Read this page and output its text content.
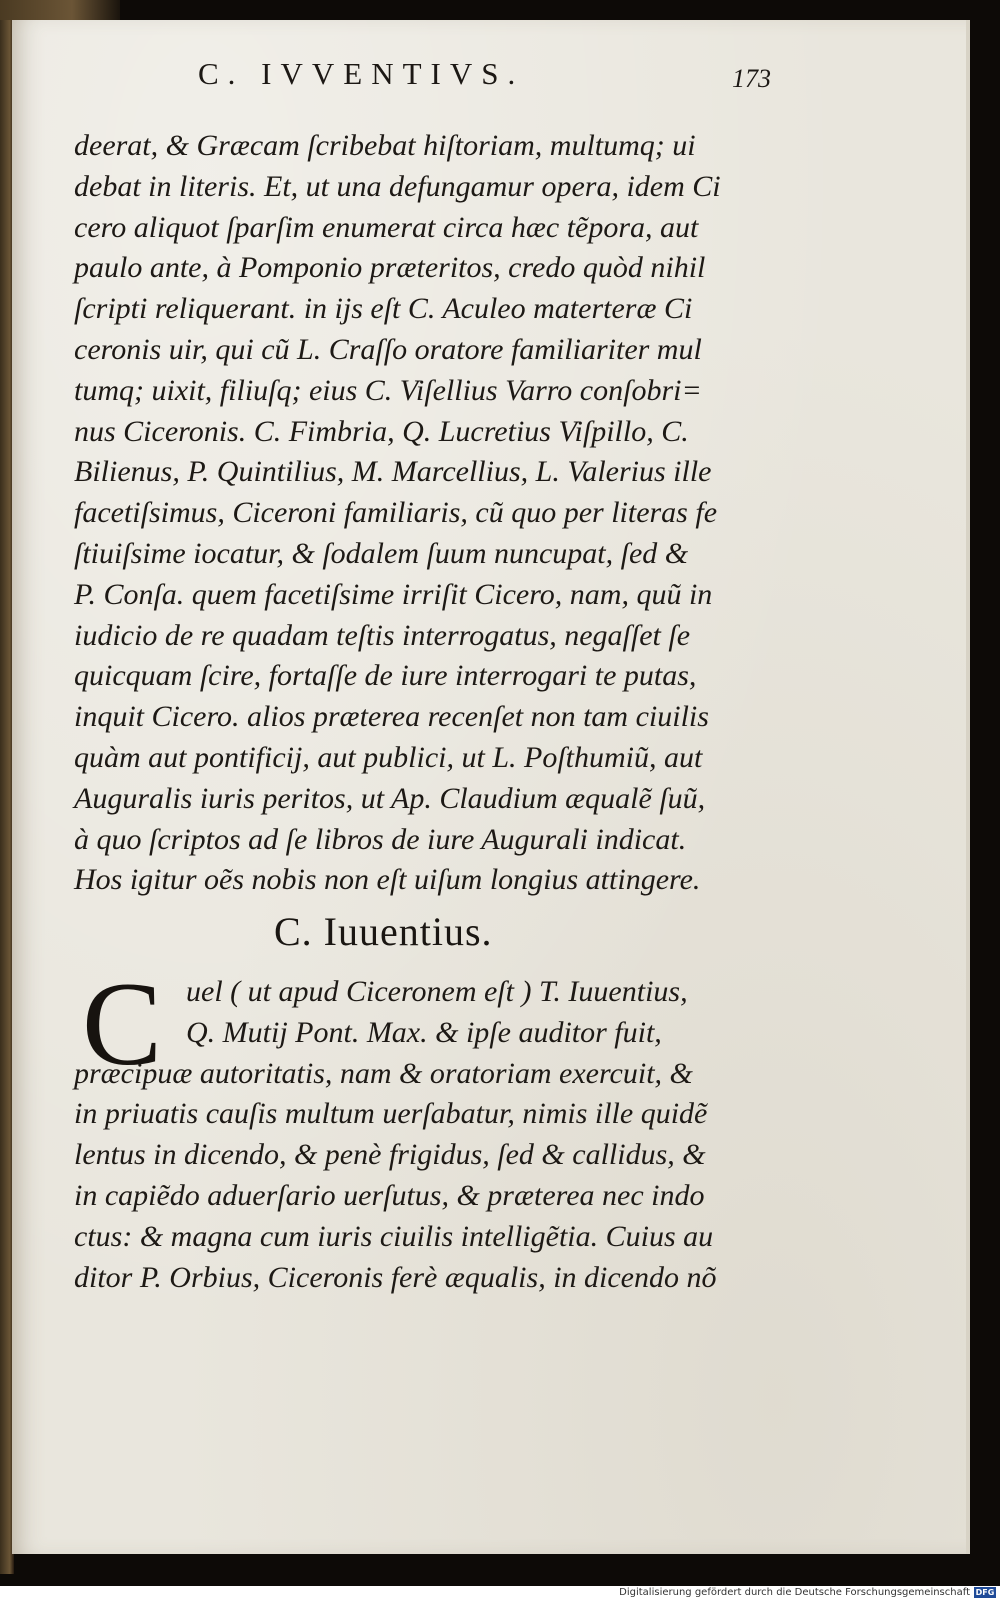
C. IVVENTIVS.	173
deerat, & Græcam ſcribebat hiſtoriam, multumq; ui
debat in literis. Et, ut una defungamur opera, idem Ci
cero aliquot ſparſim enumerat circa hæc tẽpora, aut
paulo ante, à Pomponio præteritos, credo quòd nihil
ſcripti reliquerant. in ijs eſt C. Aculeo materteræ Ci
ceronis uir, qui cũ L. Craſſo oratore familiariter mul
tumq; uixit, filiuſq; eius C. Viſellius Varro conſobri=
nus Ciceronis. C. Fimbria, Q. Lucretius Viſpillo, C.
Bilienus, P. Quintilius, M. Marcellius, L. Valerius ille
facetiſsimus, Ciceroni familiaris, cũ quo per literas fe
ſtiuiſsime iocatur, & ſodalem ſuum nuncupat, ſed &
P. Conſa. quem facetiſsime irriſit Cicero, nam, quũ in
iudicio de re quadam teſtis interrogatus, negaſſet ſe
quicquam ſcire, fortaſſe de iure interrogari te putas,
inquit Cicero. alios præterea recenſet non tam ciuilis
quàm aut pontificij, aut publici, ut L. Poſthumiũ, aut
Auguralis iuris peritos, ut Ap. Claudium æqualẽ ſuũ,
à quo ſcriptos ad ſe libros de iure Augurali indicat.
Hos igitur oẽs nobis non eſt uiſum longius attingere.
C. Iuuentius.
C uel ( ut apud Ciceronem eſt ) T. Iuuentius,
Q. Mutij Pont. Max. & ipſe auditor fuit,
præcipuæ autoritatis, nam & oratoriam exercuit, &
in priuatis cauſis multum uerſabatur, nimis ille quidẽ
lentus in dicendo, & penè frigidus, ſed & callidus, &
in capiẽdo aduerſario uerſutus, & præterea nec indo
ctus: & magna cum iuris ciuilis intelligẽtia. Cuius au
ditor P. Orbius, Ciceronis ferè æqualis, in dicendo nõ
Digitalisierung gefördert durch die Deutsche Forschungsgemeinschaft DFG
